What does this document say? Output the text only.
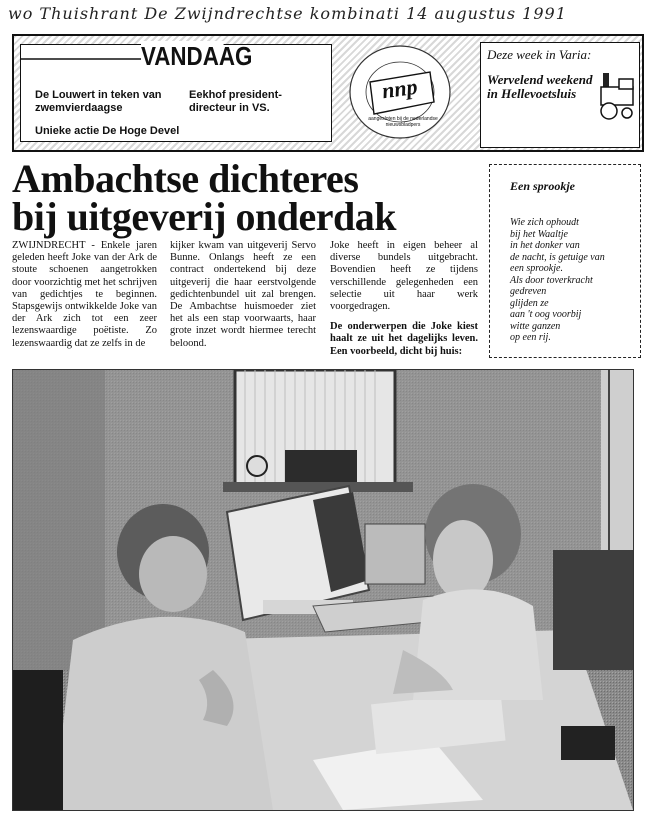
wo Thuishrant De Zwijndrechtse kombinati 14 augustus 1991
VANDAAG
De Louwert in teken van zwemvierdaagse
Eekhof president-directeur in VS.
Unieke actie De Hoge Devel
nnp
aangesloten bij de nederlandse nieuwsbladpers
Deze week in Varia:
Wervelend weekend in Hellevoetsluis
Ambachtse dichteres
bij uitgeverij onderdak
ZWIJNDRECHT - Enkele jaren geleden heeft Joke van der Ark de stoute schoenen aangetrokken door voorzichtig met het schrijven van gedichtjes te beginnen. Stapsgewijs ontwikkelde Joke van der Ark zich tot een zeer lezenswaardige poëtiste. Zo lezenswaardig dat ze zelfs in de
kijker kwam van uitgeverij Servo Bunne. Onlangs heeft ze een contract ondertekend bij deze uitgeverij die haar eerstvolgende gedichtenbundel uit zal brengen. De Ambachtse huismoeder ziet het als een stap voorwaarts, haar grote inzet wordt hiermee terecht beloond.
Joke heeft in eigen beheer al diverse bundels uitgebracht. Bovendien heeft ze tijdens verschillende gelegenheden een selectie uit haar werk voorgedragen.
De onderwerpen die Joke kiest haalt ze uit het dagelijks leven. Een voorbeeld, dicht bij huis:
Een sprookje
Wie zich ophoudt
bij het Waaltje
in het donker van
de nacht, is getuige van
een sprookje.
Als door toverkracht
gedreven
glijden ze
aan 't oog voorbij
witte ganzen
op een rij.
